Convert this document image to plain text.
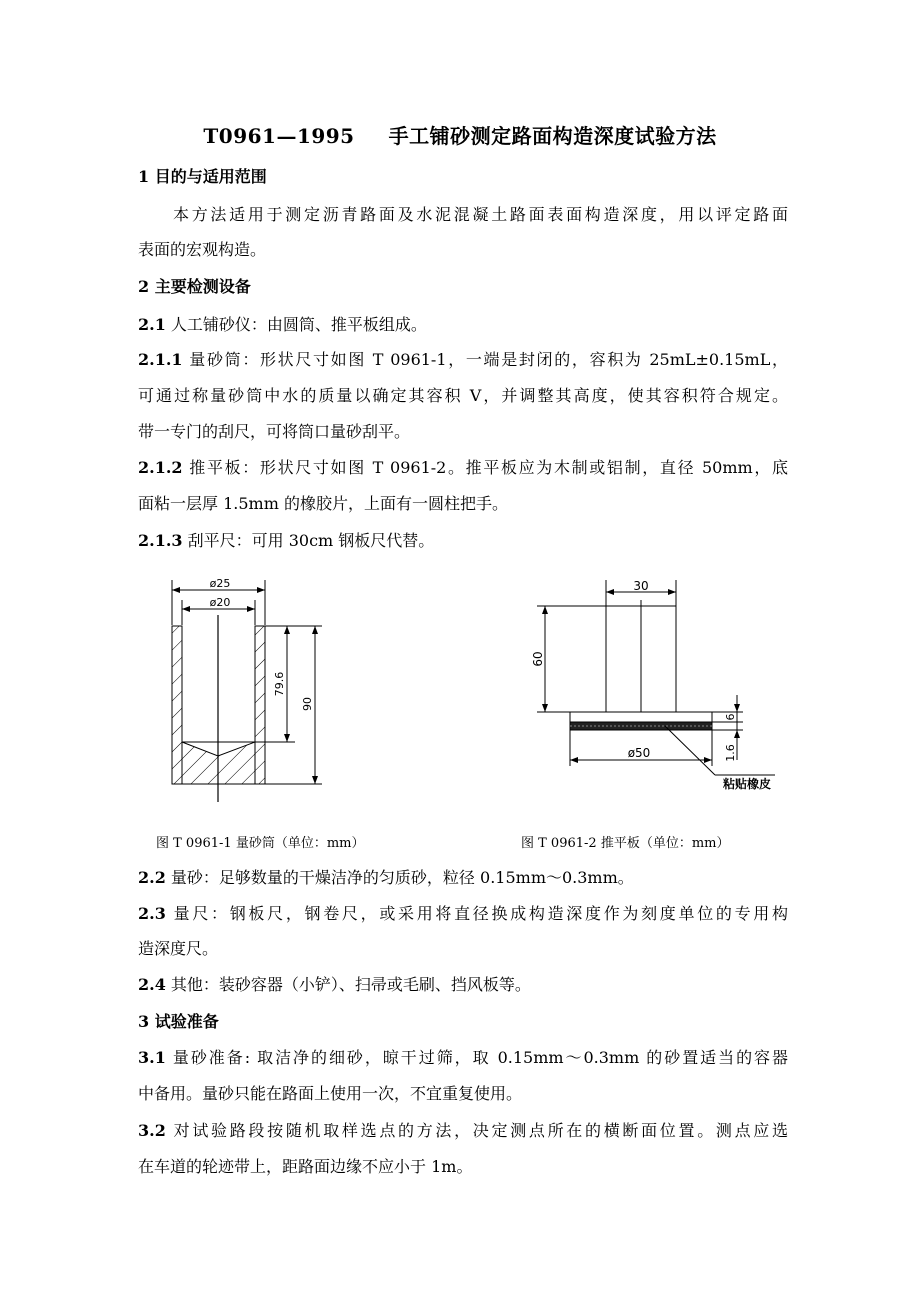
T0961—1995 手工铺砂测定路面构造深度试验方法
1 目的与适用范围
本方法适用于测定沥青路面及水泥混凝土路面表面构造深度，用以评定路面
表面的宏观构造。
2 主要检测设备
2.1 人工铺砂仪：由圆筒、推平板组成。
2.1.1 量砂筒：形状尺寸如图 T 0961-1，一端是封闭的，容积为 25mL±0.15mL，
可通过称量砂筒中水的质量以确定其容积 V，并调整其高度，使其容积符合规定。
带一专门的刮尺，可将筒口量砂刮平。
2.1.2 推平板：形状尺寸如图 T 0961-2。推平板应为木制或铝制，直径 50mm，底
面粘一层厚 1.5mm 的橡胶片，上面有一圆柱把手。
2.1.3 刮平尺：可用 30cm 钢板尺代替。
ø25
ø20
79.6
90
30
60
6
1.6
ø50
粘贴橡皮
图 T 0961-1 量砂筒（单位：mm）	图 T 0961-2 推平板（单位：mm）
2.2 量砂：足够数量的干燥洁净的匀质砂，粒径 0.15mm～0.3mm。
2.3 量尺：钢板尺，钢卷尺，或采用将直径换成构造深度作为刻度单位的专用构
造深度尺。
2.4 其他：装砂容器（小铲）、扫帚或毛刷、挡风板等。
3 试验准备
3.1 量砂准备: 取洁净的细砂，晾干过筛，取 0.15mm～0.3mm 的砂置适当的容器
中备用。量砂只能在路面上使用一次，不宜重复使用。
3.2 对试验路段按随机取样选点的方法，决定测点所在的横断面位置。测点应选
在车道的轮迹带上，距路面边缘不应小于 1m。
